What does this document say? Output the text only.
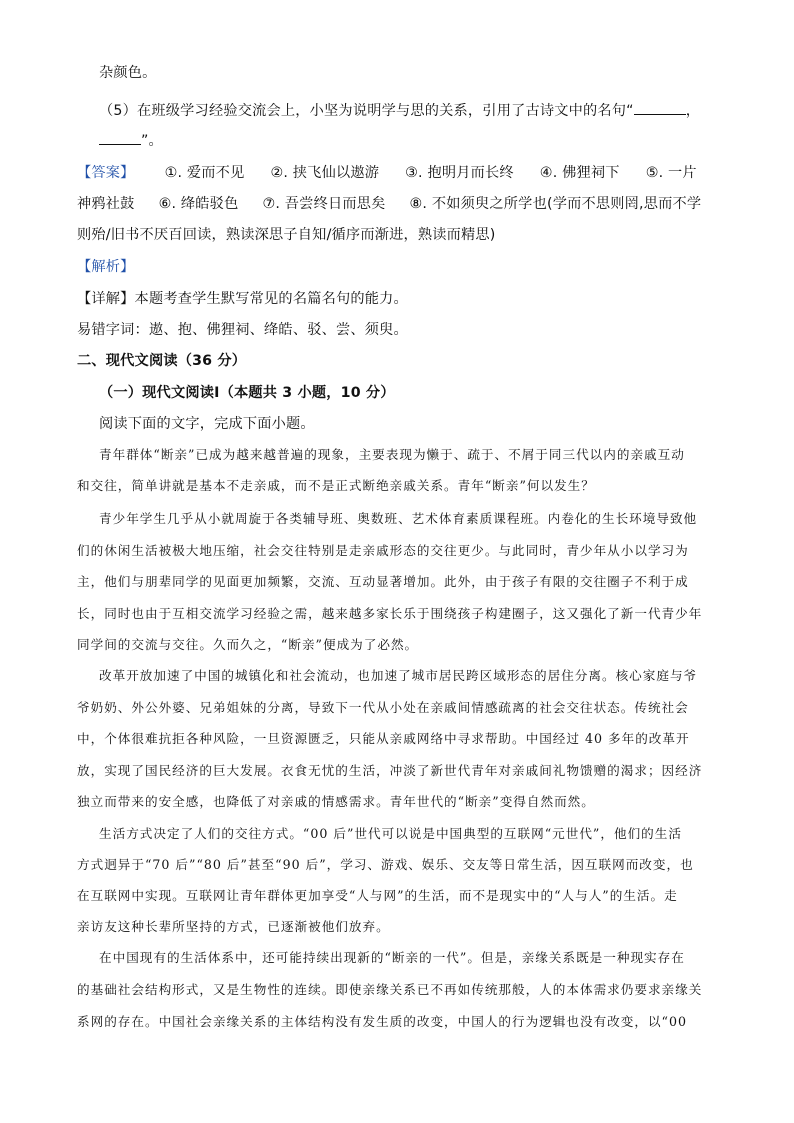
杂颜色。
（5）在班级学习经验交流会上，小坚为说明学与思的关系，引用了古诗文中的名句“	，
”。
【答案】 ①. 爱而不见 ②. 挟飞仙以遨游 ③. 抱明月而长终 ④. 佛狸祠下 ⑤. 一片
神鸦社鼓 ⑥. 绛皓驳色 ⑦. 吾尝终日而思矣 ⑧. 不如须臾之所学也(学而不思则罔,思而不学
则殆/旧书不厌百回读，熟读深思子自知/循序而渐进，熟读而精思)
【解析】
【详解】本题考查学生默写常见的名篇名句的能力。
易错字词：遨、抱、佛狸祠、绛皓、驳、尝、须臾。
二、现代文阅读（36 分）
（一）现代文阅读Ⅰ（本题共 3 小题，10 分）
阅读下面的文字，完成下面小题。
青年群体“断亲”已成为越来越普遍的现象，主要表现为懒于、疏于、不屑于同三代以内的亲戚互动
和交往，简单讲就是基本不走亲戚，而不是正式断绝亲戚关系。青年“断亲”何以发生？
青少年学生几乎从小就周旋于各类辅导班、奥数班、艺术体育素质课程班。内卷化的生长环境导致他
们的休闲生活被极大地压缩，社会交往特别是走亲戚形态的交往更少。与此同时，青少年从小以学习为
主，他们与朋辈同学的见面更加频繁，交流、互动显著增加。此外，由于孩子有限的交往圈子不利于成
长，同时也由于互相交流学习经验之需，越来越多家长乐于围绕孩子构建圈子，这又强化了新一代青少年
同学间的交流与交往。久而久之，“断亲”便成为了必然。
改革开放加速了中国的城镇化和社会流动，也加速了城市居民跨区域形态的居住分离。核心家庭与爷
爷奶奶、外公外婆、兄弟姐妹的分离，导致下一代从小处在亲戚间情感疏离的社会交往状态。传统社会
中，个体很难抗拒各种风险，一旦资源匮乏，只能从亲戚网络中寻求帮助。中国经过 40 多年的改革开
放，实现了国民经济的巨大发展。衣食无忧的生活，冲淡了新世代青年对亲戚间礼物馈赠的渴求；因经济
独立而带来的安全感，也降低了对亲戚的情感需求。青年世代的“断亲”变得自然而然。
生活方式决定了人们的交往方式。“00 后”世代可以说是中国典型的互联网“元世代”，他们的生活
方式迥异于“70 后”“80 后”甚至“90 后”，学习、游戏、娱乐、交友等日常生活，因互联网而改变，也
在互联网中实现。互联网让青年群体更加享受“人与网”的生活，而不是现实中的“人与人”的生活。走
亲访友这种长辈所坚持的方式，已逐渐被他们放弃。
在中国现有的生活体系中，还可能持续出现新的“断亲的一代”。但是，亲缘关系既是一种现实存在
的基础社会结构形式，又是生物性的连续。即使亲缘关系已不再如传统那般，人的本体需求仍要求亲缘关
系网的存在。中国社会亲缘关系的主体结构没有发生质的改变，中国人的行为逻辑也没有改变，以“00
